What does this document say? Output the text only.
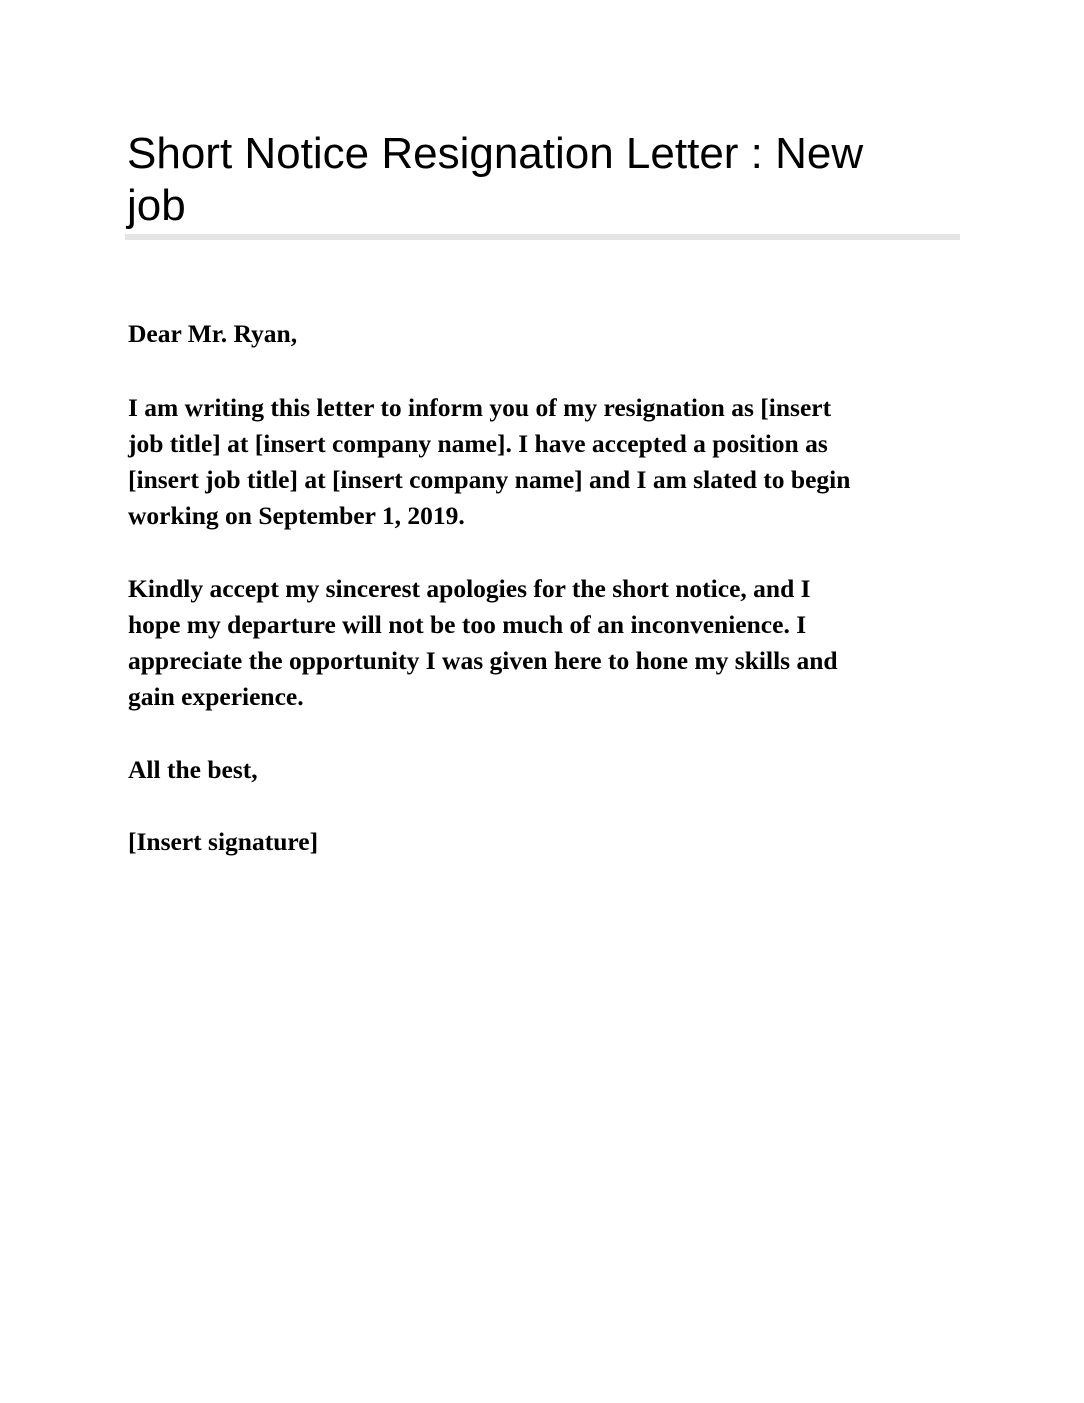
Short Notice Resignation Letter : New
job

Dear Mr. Ryan,

I am writing this letter to inform you of my resignation as [insert
job title] at [insert company name]. I have accepted a position as
[insert job title] at [insert company name] and I am slated to begin
working on September 1, 2019.

Kindly accept my sincerest apologies for the short notice, and I
hope my departure will not be too much of an inconvenience. I
appreciate the opportunity I was given here to hone my skills and
gain experience.

All the best,

[Insert signature]
